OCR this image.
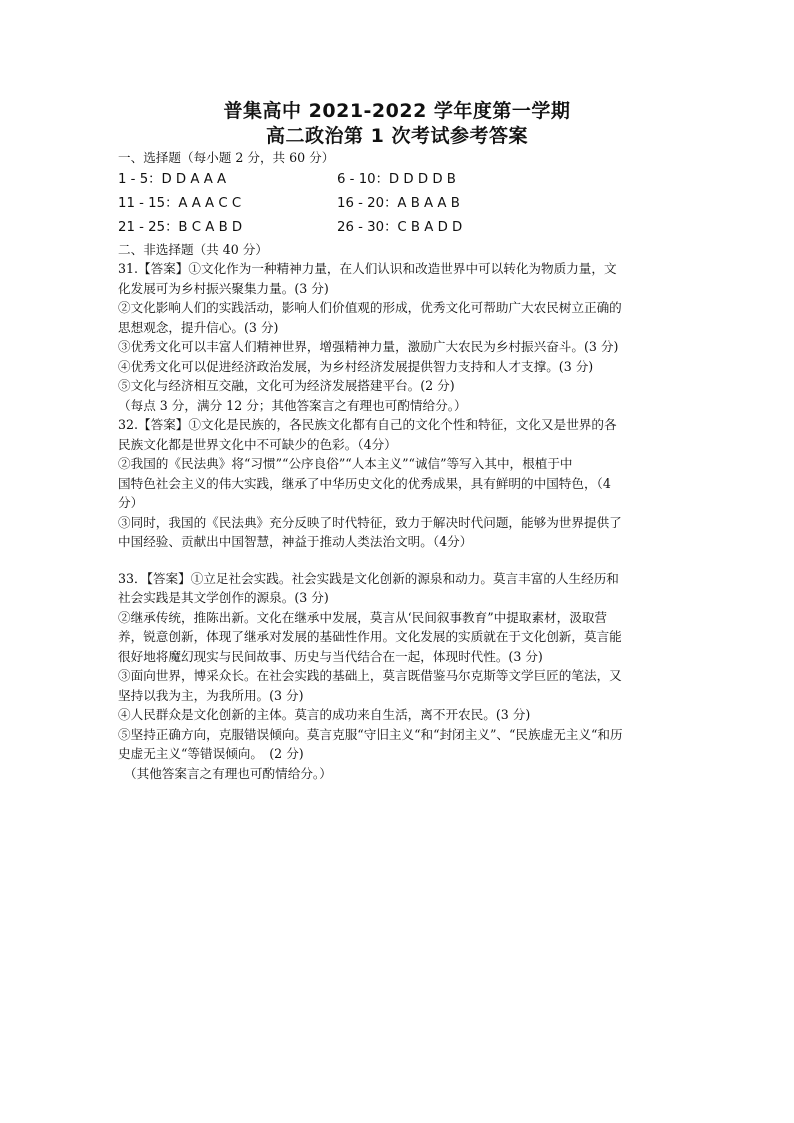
普集高中 2021-2022 学年度第一学期
高二政治第 1 次考试参考答案
一、选择题（每小题 2 分，共 60 分）
1 - 5：D D A A A	6 - 10：D D D D B
11 - 15：A A A C C	16 - 20：A B A A B
21 - 25：B C A B D	26 - 30：C B A D D
二、非选择题（共 40 分）
31.【答案】①文化作为一种精神力量，在人们认识和改造世界中可以转化为物质力量，文
化发展可为乡村振兴聚集力量。(3 分)
②文化影响人们的实践活动，影响人们价值观的形成，优秀文化可帮助广大农民树立正确的
思想观念，提升信心。(3 分)
③优秀文化可以丰富人们精神世界，增强精神力量，激励广大农民为乡村振兴奋斗。(3 分)
④优秀文化可以促进经济政治发展，为乡村经济发展提供智力支持和人才支撑。(3 分)
⑤文化与经济相互交融，文化可为经济发展搭建平台。(2 分)
（每点 3 分，满分 12 分；其他答案言之有理也可酌情给分。）
32.【答案】①文化是民族的，各民族文化都有自己的文化个性和特征，文化又是世界的各
民族文化都是世界文化中不可缺少的色彩。（4分）
②我国的《民法典》将“习惯”“公序良俗”“人本主义”“诚信”等写入其中，根植于中
国特色社会主义的伟大实践，继承了中华历史文化的优秀成果，具有鲜明的中国特色，（4
分）
③同时，我国的《民法典》充分反映了时代特征，致力于解决时代问题，能够为世界提供了
中国经验、贡献出中国智慧，神益于推动人类法治文明。（4分）
33．【答案】①立足社会实践。社会实践是文化创新的源泉和动力。莫言丰富的人生经历和
社会实践是其文学创作的源泉。(3 分)
②继承传统，推陈出新。文化在继承中发展，莫言从‘民间叙事教育”中提取素材，汲取营
养，锐意创新，体现了继承对发展的基础性作用。文化发展的实质就在于文化创新，莫言能
很好地将魔幻现实与民间故事、历史与当代结合在一起，体现时代性。(3 分)
③面向世界，博采众长。在社会实践的基础上，莫言既借鉴马尔克斯等文学巨匠的笔法，又
坚持以我为主，为我所用。(3 分)
④人民群众是文化创新的主体。莫言的成功来自生活，离不开农民。(3 分)
⑤坚持正确方向，克服错误倾向。莫言克服“守旧主义“和“封闭主义”、“民族虚无主义“和历
史虚无主义“等错误倾向。　(2 分)
（其他答案言之有理也可酌情给分。）
